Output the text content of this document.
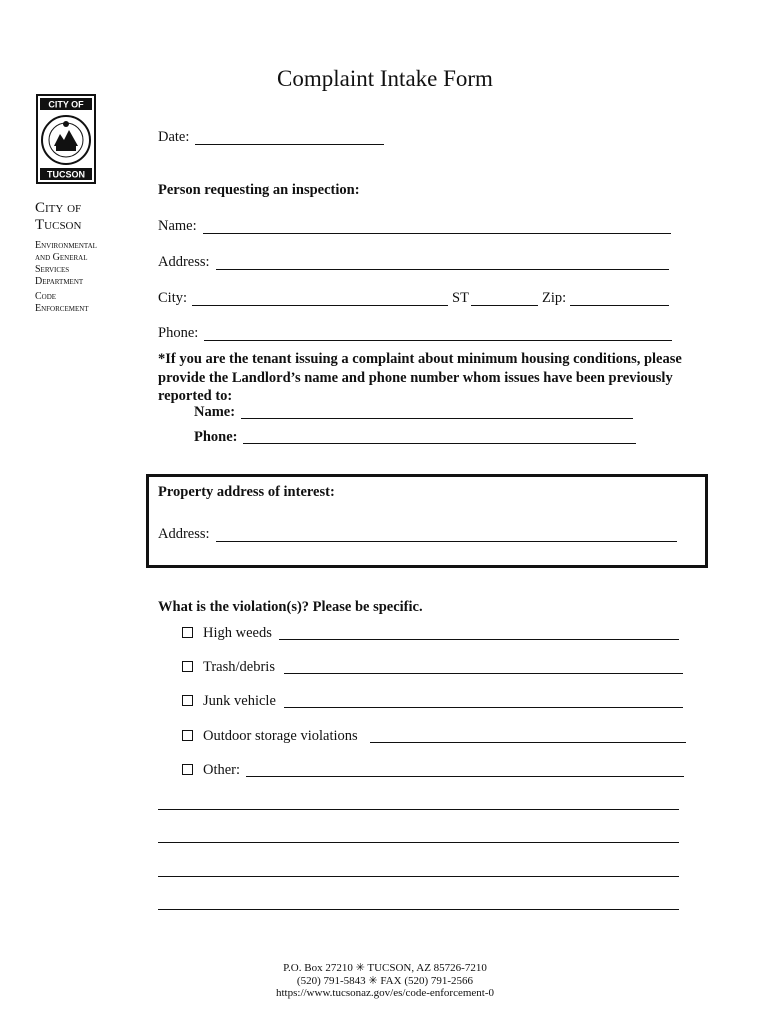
Complaint Intake Form
CITY OF
TUCSON
City of
Tucson
Environmental
and General
Services
Department
Code
Enforcement
Date:
Person requesting an inspection:
Name:
Address:
City:	ST	Zip:
Phone:
*If you are the tenant issuing a complaint about minimum housing conditions, please provide the Landlord’s name and phone number whom issues have been previously reported to:
Name:
Phone:
Property address of interest:
Address:
What is the violation(s)? Please be specific.
High weeds
Trash/debris
Junk vehicle
Outdoor storage violations
Other:
P.O. Box 27210 ✳ TUCSON, AZ 85726-7210
(520) 791-5843 ✳ FAX (520) 791-2566
https://www.tucsonaz.gov/es/code-enforcement-0
